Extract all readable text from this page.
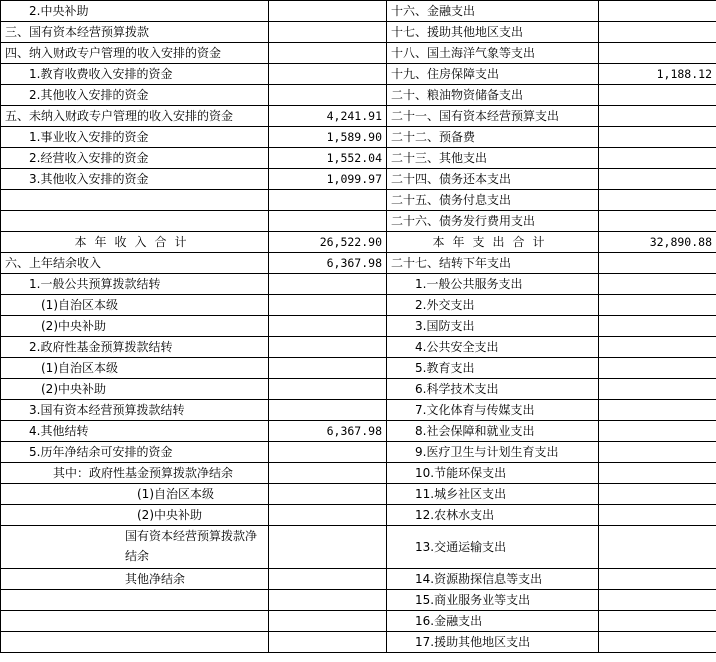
2.中央补助		十六、金融支出	
三、国有资本经营预算拨款		十七、援助其他地区支出	
四、纳入财政专户管理的收入安排的资金		十八、国土海洋气象等支出	
1.教育收费收入安排的资金		十九、住房保障支出	1,188.12
2.其他收入安排的资金		二十、粮油物资储备支出	
五、未纳入财政专户管理的收入安排的资金	4,241.91	二十一、国有资本经营预算支出	
1.事业收入安排的资金	1,589.90	二十二、预备费	
2.经营收入安排的资金	1,552.04	二十三、其他支出	
3.其他收入安排的资金	1,099.97	二十四、债务还本支出	
		二十五、债务付息支出	
		二十六、债务发行费用支出	
本年收入合计	26,522.90	本年支出合计	32,890.88
六、上年结余收入	6,367.98	二十七、结转下年支出	
1.一般公共预算拨款结转		1.一般公共服务支出	
(1)自治区本级		2.外交支出	
(2)中央补助		3.国防支出	
2.政府性基金预算拨款结转		4.公共安全支出	
(1)自治区本级		5.教育支出	
(2)中央补助		6.科学技术支出	
3.国有资本经营预算拨款结转		7.文化体育与传媒支出	
4.其他结转	6,367.98	8.社会保障和就业支出	
5.历年净结余可安排的资金		9.医疗卫生与计划生育支出	
其中：政府性基金预算拨款净结余		10.节能环保支出	
(1)自治区本级		11.城乡社区支出	
(2)中央补助		12.农林水支出	
国有资本经营预算拨款净结余		13.交通运输支出	
其他净结余		14.资源勘探信息等支出	
		15.商业服务业等支出	
		16.金融支出	
		17.援助其他地区支出	
